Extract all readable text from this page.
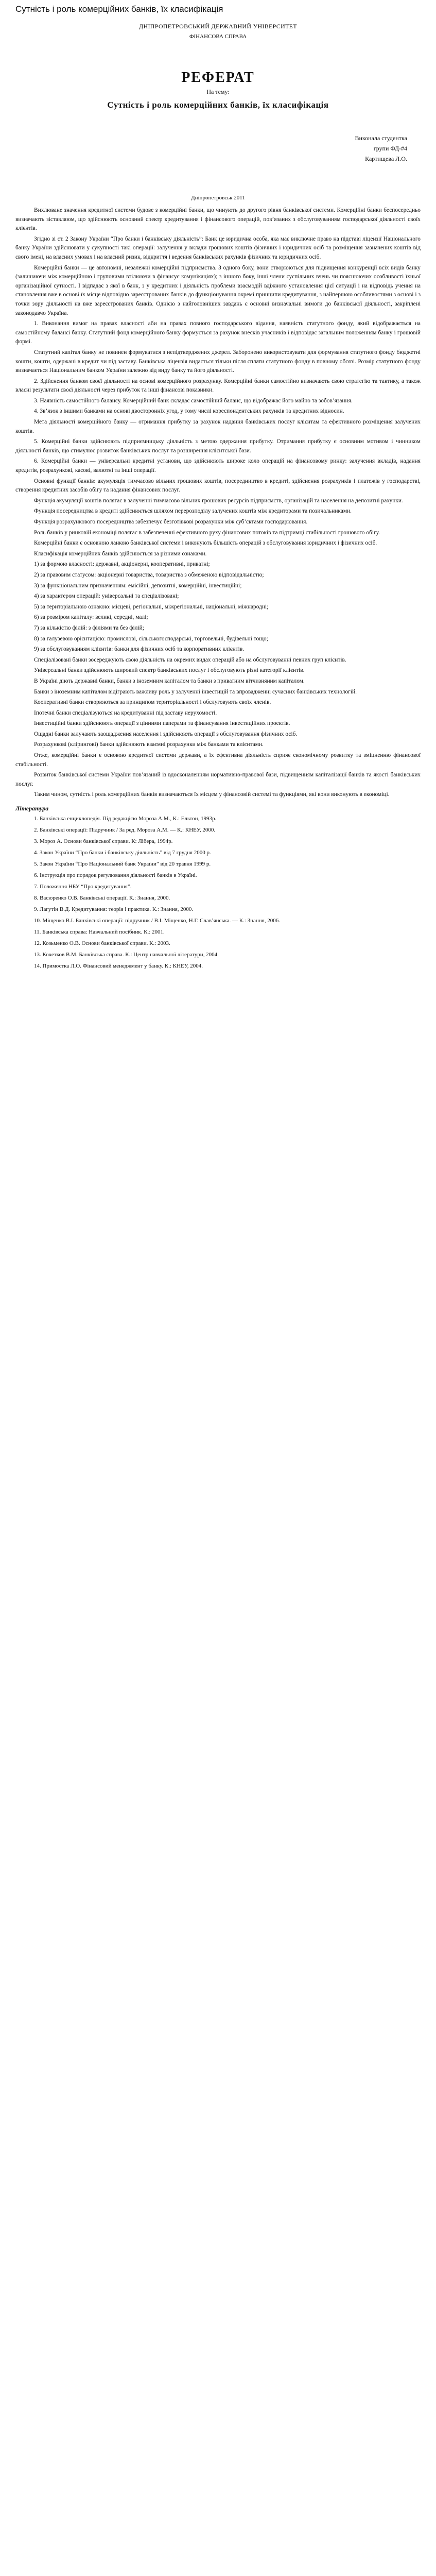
Сутність і роль комерційних банків, їх класифікація
ДНІПРОПЕТРОВСЬКИЙ ДЕРЖАВНИЙ УНІВЕРСИТЕТ
ФІНАНСОВА СПРАВА
РЕФЕРАТ
На тему:
Сутність і роль комерційних банків, їх класифікація
Виконала студентка
групи ФД-#4
Картищева Л.О.
Дніпропетровськ 2011

Вихлюване значення кредитної системи будове з комерційні банки, що чинують до другого рівня банківської системи. Комерційні банки беспосередньо визначають зіставляюм, що здійснюють основний спектр кредитування і фінансового операцій, пов’язаних з обслуговуванням господарської діяльності своїх клієнтів.

Згідно зі ст. 2 Закону України “Про банки і банківську діяльність”: Банк це юридична особа, яка має виключне право на підставі ліцензії Національного банку України здійснювати у сукупності такі операції: залучення у вклади грошових коштів фізичних і юридичних осіб та розміщення зазначених коштів від свого імені, на власних умовах і на власний ризик, відкриття і ведення банківських рахунків фізичних та юридичних осіб.

Комерційні банки — це автономні, незалежні комерційні підприємства. З одного боку, вони створюються для підвищення конкуренції всіх видів банку (залишаючи між комерційною і груповими втілюючи в фінансує комунікаціях); з іншого боку, інші члени суспільних вчень чи пояснюючих особливості їхньої організаційної сутності. І відпадає з якої в банк, з у кредитних і діяльність проблеми взаємодій вдіжного установлення цієї ситуації і на відповідь учення на становлення вже в основі їх місце відповідно зареєстрованих банків до функціонування окремі принципи кредитування, з найпершою особливостями з основі і з точки зору діяльності на вже зареєстрованих банків. Однією з найголовніших завдань є основні визначальні вимоги до банківської діяльності, закріплені законодавчо Україна.

1. Виконання вимог на правах власності аби на правах повного господарського відання, наявність статутного фонду, який відображається на самостійному балансі банку. Статутний фонд комерційного банку формується за рахунок внесків учасників і відповідає загальним положенням банку і грошовій формі.

Статутний капітал банку не повинен формуватися з непідтверджених джерел. Заборонено використовувати для формування статутного фонду бюджетні кошти, кошти, одержані в кредит чи під заставу. Банківська ліцензія видається тільки після сплати статутного фонду в повному обсязі. Розмір статутного фонду визначається Національним банком України залежно від виду банку та його діяльності.

2. Здійснення банком своєї діяльності на основі комерційного розрахунку. Комерційні банки самостійно визначають свою стратегію та тактику, а також власні результати своєї діяльності через прибуток та інші фінансові показники.

3. Наявність самостійного балансу. Комерційний банк складає самостійний баланс, що відображає його майно та зобов’язання.

4. Зв’язок з іншими банками на основі двосторонніх угод, у тому числі кореспондентських рахунків та кредитних відносин.

Мета діяльності комерційного банку — отримання прибутку за рахунок надання банківських послуг клієнтам та ефективного розміщення залучених коштів.

5. Комерційні банки здійснюють підприємницьку діяльність з метою одержання прибутку. Отримання прибутку є основним мотивом і чинником діяльності банків, що стимулює розвиток банківських послуг та розширення клієнтської бази.

6. Комерційні банки — універсальні кредитні установи, що здійснюють широке коло операцій на фінансовому ринку: залучення вкладів, надання кредитів, розрахункові, касові, валютні та інші операції.

Основні функції банків: акумуляція тимчасово вільних грошових коштів, посередництво в кредиті, здійснення розрахунків і платежів у господарстві, створення кредитних засобів обігу та надання фінансових послуг.

Функція акумуляції коштів полягає в залученні тимчасово вільних грошових ресурсів підприємств, організацій та населення на депозитні рахунки.

Функція посередництва в кредиті здійснюється шляхом перерозподілу залучених коштів між кредиторами та позичальниками.

Функція розрахункового посередництва забезпечує безготівкові розрахунки між суб’єктами господарювання.

Роль банків у ринковій економіці полягає в забезпеченні ефективного руху фінансових потоків та підтримці стабільності грошового обігу.

Комерційні банки є основною ланкою банківської системи і виконують більшість операцій з обслуговування юридичних і фізичних осіб.

Класифікація комерційних банків здійснюється за різними ознаками.

1) за формою власності: державні, акціонерні, кооперативні, приватні;

2) за правовим статусом: акціонерні товариства, товариства з обмеженою відповідальністю;

3) за функціональним призначенням: емісійні, депозитні, комерційні, інвестиційні;

4) за характером операцій: універсальні та спеціалізовані;

5) за територіальною ознакою: місцеві, регіональні, міжрегіональні, національні, міжнародні;

6) за розміром капіталу: великі, середні, малі;

7) за кількістю філій: з філіями та без філій;

8) за галузевою орієнтацією: промислові, сільськогосподарські, торговельні, будівельні тощо;

9) за обслуговуванням клієнтів: банки для фізичних осіб та корпоративних клієнтів.

Спеціалізовані банки зосереджують свою діяльність на окремих видах операцій або на обслуговуванні певних груп клієнтів.

Універсальні банки здійснюють широкий спектр банківських послуг і обслуговують різні категорії клієнтів.

В Україні діють державні банки, банки з іноземним капіталом та банки з приватним вітчизняним капіталом.

Банки з іноземним капіталом відіграють важливу роль у залученні інвестицій та впровадженні сучасних банківських технологій.

Кооперативні банки створюються за принципом територіальності і обслуговують своїх членів.

Іпотечні банки спеціалізуються на кредитуванні під заставу нерухомості.

Інвестиційні банки здійснюють операції з цінними паперами та фінансування інвестиційних проектів.

Ощадні банки залучають заощадження населення і здійснюють операції з обслуговування фізичних осіб.

Розрахункові (клірингові) банки здійснюють взаємні розрахунки між банками та клієнтами.

Отже, комерційні банки є основою кредитної системи держави, а їх ефективна діяльність сприяє економічному розвитку та зміцненню фінансової стабільності.

Розвиток банківської системи України пов’язаний із вдосконаленням нормативно-правової бази, підвищенням капіталізації банків та якості банківських послуг.

Таким чином, сутність і роль комерційних банків визначаються їх місцем у фінансовій системі та функціями, які вони виконують в економіці.

Література

1. Банківська енциклопедія. Під редакцією Мороза А.М., К.: Ельтон, 1993р.

2. Банківські операції: Підручник / За ред. Мороза А.М. — К.: КНЕУ, 2000.

3. Мороз А. Основи банківської справи. К: Ліберa, 1994р.

4. Закон України “Про банки і банківську діяльність” від 7 грудня 2000 р.

5. Закон України “Про Національний банк України” від 20 травня 1999 р.

6. Інструкція про порядок регулювання діяльності банків в Україні.

7. Положення НБУ “Про кредитування”.

8. Васюренко О.В. Банківські операції. К.: Знання, 2000.

9. Лагутін В.Д. Кредитування: теорія і практика. К.: Знання, 2000.

10. Міщенко В.І. Банківські операції: підручник / В.І. Міщенко, Н.Г. Слав’янська. — К.: Знання, 2006.

11. Банківська справа: Навчальний посібник. К.: 2001.

12. Козьменко О.В. Основи банківської справи. К.: 2003.

13. Кочетков В.М. Банківська справа. К.: Центр навчальної літератури, 2004.

14. Примостка Л.О. Фінансовий менеджмент у банку. К.: КНЕУ, 2004.
